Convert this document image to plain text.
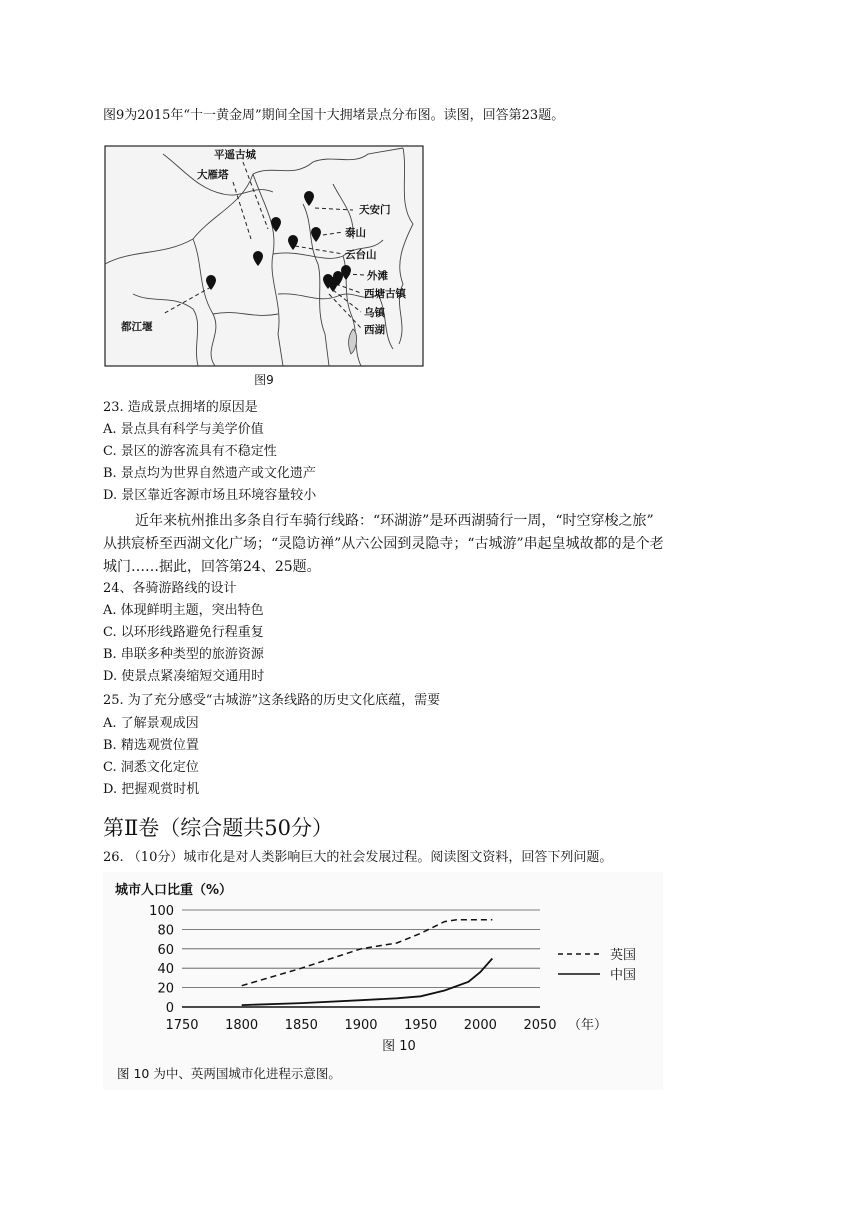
图9为2015年“十一黄金周”期间全国十大拥堵景点分布图。读图，回答第23题。
平遥古城
大雁塔
天安门
泰山
云台山
外滩
西塘古镇
乌镇
西湖
都江堰
图9
23. 造成景点拥堵的原因是
A. 景点具有科学与美学价值
C. 景区的游客流具有不稳定性
B. 景点均为世界自然遗产或文化遗产
D. 景区靠近客源市场且环境容量较小
近年来杭州推出多条自行车骑行线路：“环湖游”是环西湖骑行一周，“时空穿梭之旅”
从拱宸桥至西湖文化广场；“灵隐访禅”从六公园到灵隐寺；“古城游”串起皇城故都的是个老
城门……据此，回答第24、25题。
24、各骑游路线的设计
A. 体现鲜明主题，突出特色
C. 以环形线路避免行程重复
B. 串联多种类型的旅游资源
D. 使景点紧凑缩短交通用时
25. 为了充分感受“古城游”这条线路的历史文化底蕴，需要
A. 了解景观成因
B. 精选观赏位置
C. 洞悉文化定位
D. 把握观赏时机
第Ⅱ卷（综合题共50分）
26. （10分）城市化是对人类影响巨大的社会发展过程。阅读图文资料，回答下列问题。
城市人口比重（%）
0
20
40
60
80
100
1750 1800 1850 1900 1950 2000 2050
英国
中国
（年）
图 10
图 10 为中、英两国城市化进程示意图。
